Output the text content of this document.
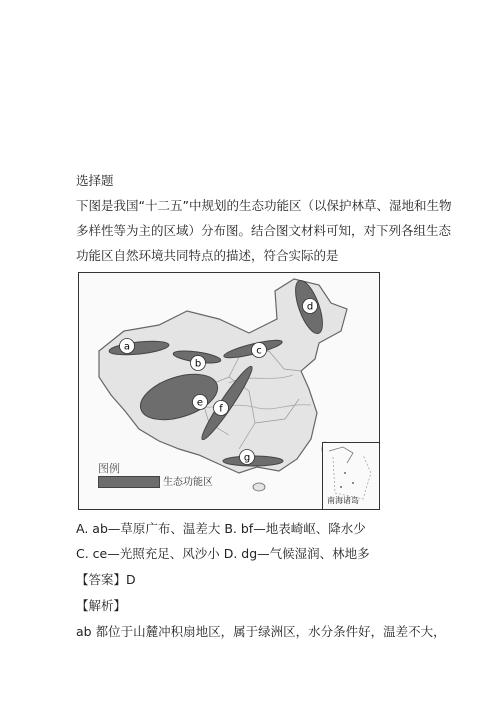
选择题
下图是我国“十二五”中规划的生态功能区（以保护林草、湿地和生物
多样性等为主的区域）分布图。结合图文材料可知，对下列各组生态
功能区自然环境共同特点的描述，符合实际的是
a
b
c
d
e
f
g
图例
生态功能区
南海诸岛
A. ab—草原广布、温差大 B. bf—地表崎岖、降水少
C. ce—光照充足、风沙小 D. dg—气候湿润、林地多
【答案】D
【解析】
ab 都位于山麓冲积扇地区，属于绿洲区，水分条件好，温差不大，
